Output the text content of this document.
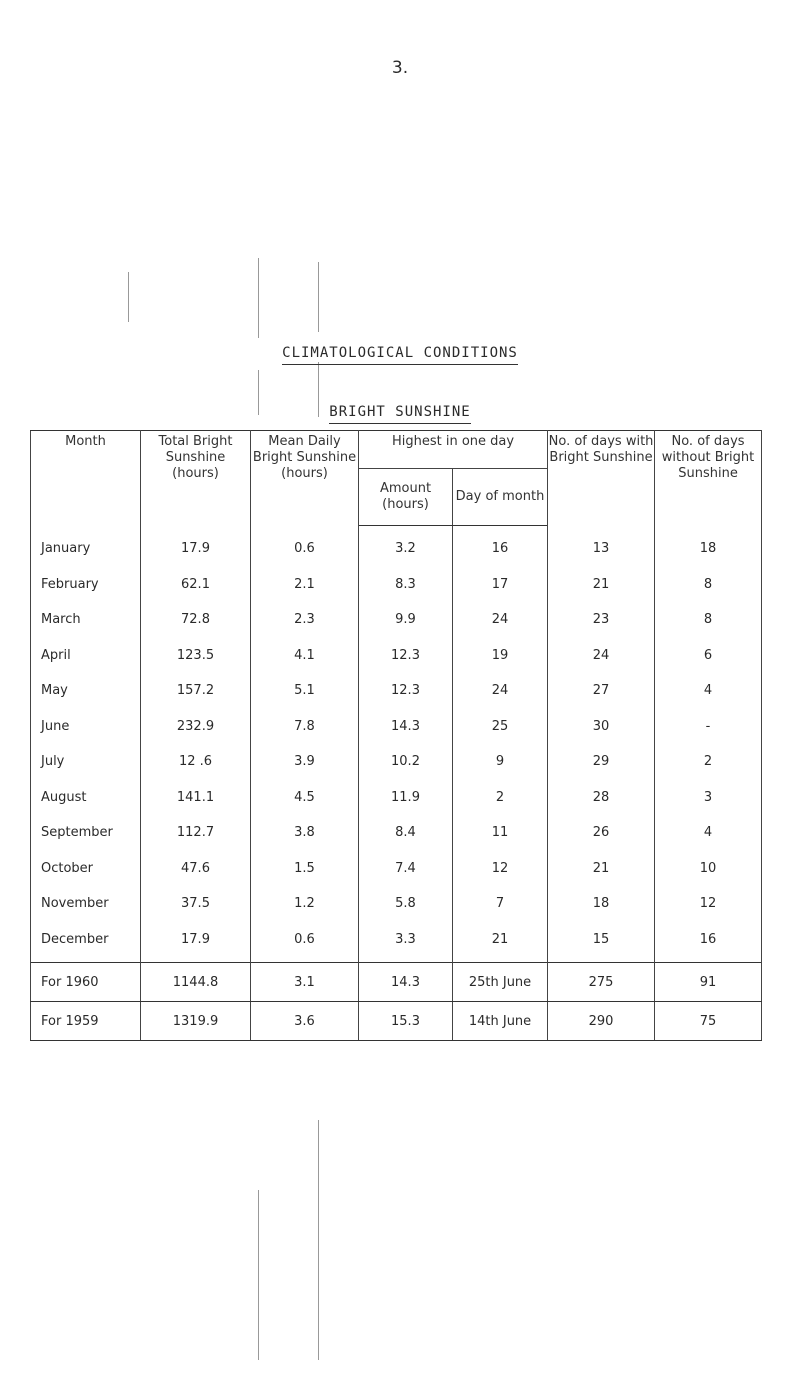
3.
CLIMATOLOGICAL CONDITIONS
BRIGHT SUNSHINE
Month	Total Bright Sunshine (hours)	Mean Daily Bright Sunshine (hours)	Highest in one day		No. of days with Bright Sunshine	No. of days without Bright Sunshine
			Amount (hours)	Day of month		
January	17.9	0.6	3.2	16	13	18
February	62.1	2.1	8.3	17	21	8
March	72.8	2.3	9.9	24	23	8
April	123.5	4.1	12.3	19	24	6
May	157.2	5.1	12.3	24	27	4
June	232.9	7.8	14.3	25	30	-
July	12 .6	3.9	10.2	9	29	2
August	141.1	4.5	11.9	2	28	3
September	112.7	3.8	8.4	11	26	4
October	47.6	1.5	7.4	12	21	10
November	37.5	1.2	5.8	7	18	12
December	17.9	0.6	3.3	21	15	16
For 1960	1144.8	3.1	14.3	25th June	275	91
For 1959	1319.9	3.6	15.3	14th June	290	75
